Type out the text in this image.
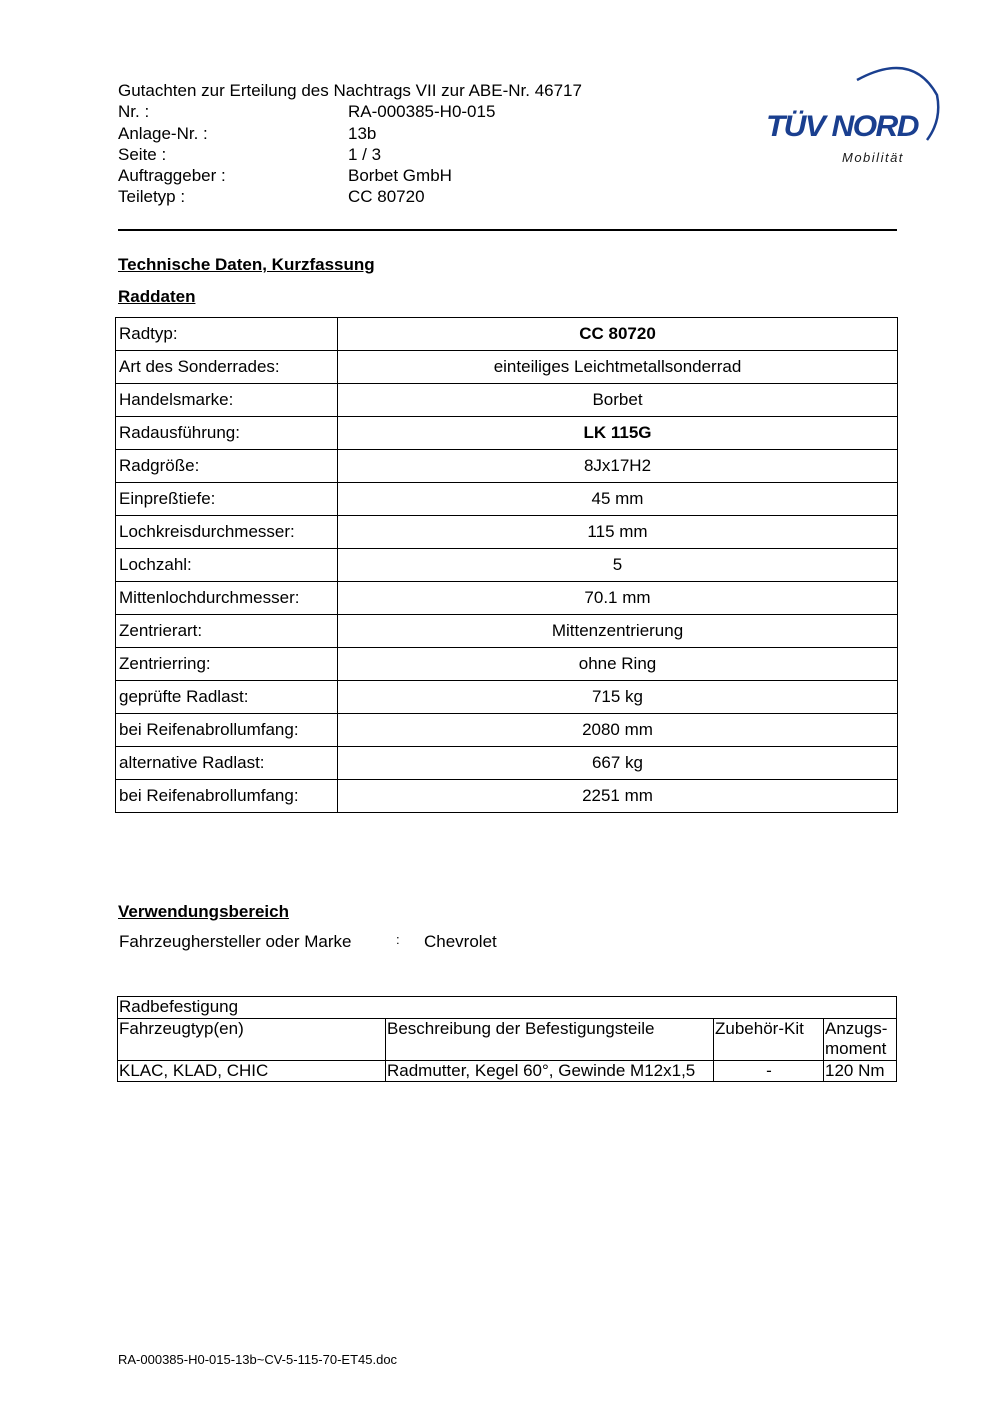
Gutachten zur Erteilung des Nachtrags VII zur ABE-Nr. 46717
Nr. :	RA-000385-H0-015
Anlage-Nr. :	13b
Seite :	1 / 3
Auftraggeber :	Borbet GmbH
Teiletyp :	CC 80720
TÜV NORD
Mobilität
Technische Daten, Kurzfassung
Raddaten
Radtyp:	CC 80720
Art des Sonderrades:	einteiliges Leichtmetallsonderrad
Handelsmarke:	Borbet
Radausführung:	LK 115G
Radgröße:	8Jx17H2
Einpreßtiefe:	45 mm
Lochkreisdurchmesser:	115 mm
Lochzahl:	5
Mittenlochdurchmesser:	70.1 mm
Zentrierart:	Mittenzentrierung
Zentrierring:	ohne Ring
geprüfte Radlast:	715 kg
bei Reifenabrollumfang:	2080 mm
alternative Radlast:	667 kg
bei Reifenabrollumfang:	2251 mm
Verwendungsbereich
Fahrzeughersteller oder Marke	:	Chevrolet
Radbefestigung			
Fahrzeugtyp(en)	Beschreibung der Befestigungsteile	Zubehör-Kit	Anzugs-moment
KLAC, KLAD, CHIC	Radmutter, Kegel 60°, Gewinde M12x1,5	-	120 Nm
RA-000385-H0-015-13b~CV-5-115-70-ET45.doc
